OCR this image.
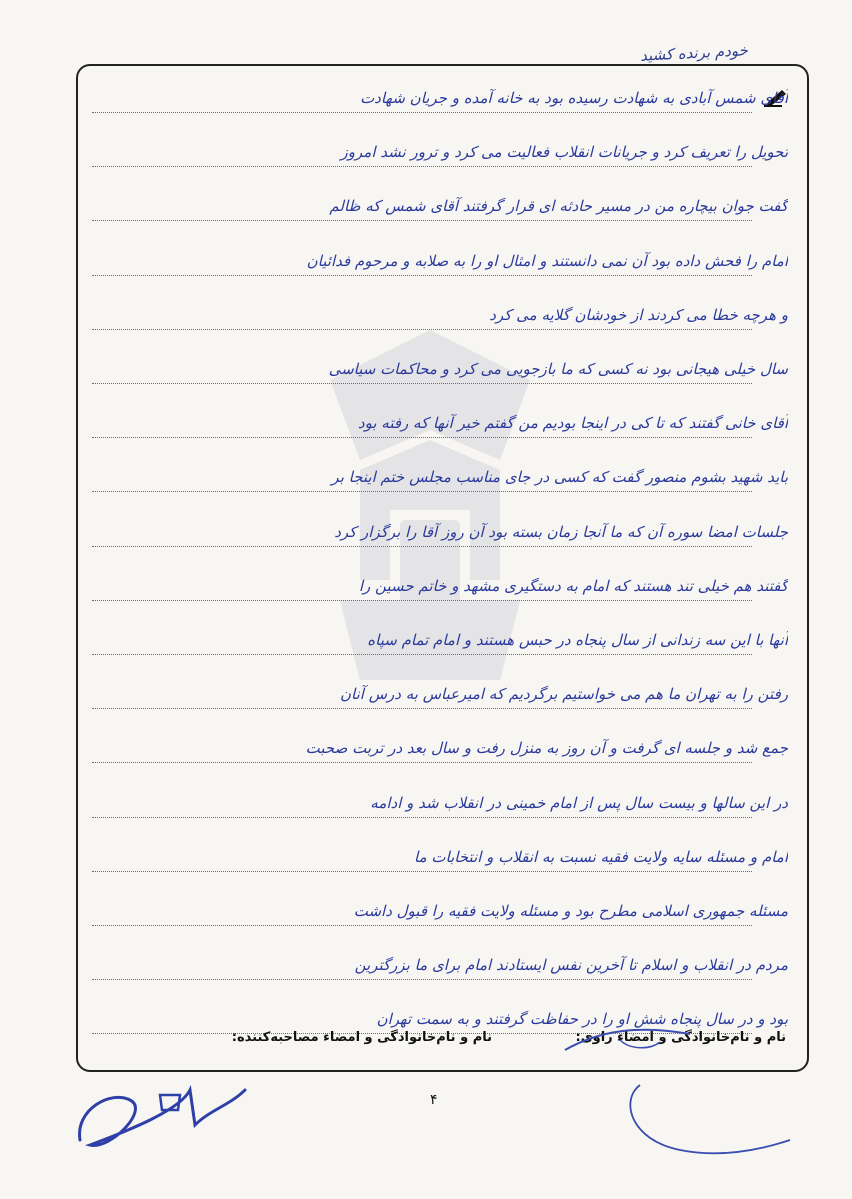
خودم برنده کشید
آقای شمس آبادی به شهادت رسیده بود به خانه آمده و جریان شهادت
تحویل را تعریف کرد و جریانات انقلاب فعالیت می کرد و ترور نشد امروز
گفت جوان بیچاره من در مسیر حادثه ای قرار گرفتند آقای شمس که ظالم
امام را فحش داده بود آن نمی دانستند و امثال او را به صلابه و مرحوم فدائیان
و هرچه خطا می کردند از خودشان گلایه می کرد
سال خیلی هیجانی بود نه کسی که ما بازجویی می کرد و محاکمات سیاسی
آقای خانی گفتند که تا کی در اینجا بودیم من گفتم خیر آنها که رفته بود
باید شهید بشوم منصور گفت که کسی در جای مناسب مجلس ختم اینجا بر
جلسات امضا سوره آن که ما آنجا زمان بسته بود آن روز آقا را برگزار کرد
گفتند هم خیلی تند هستند که امام به دستگیری مشهد و خاتم حسین را
آنها با این سه زندانی از سال پنجاه در حبس هستند و امام تمام سپاه
رفتن را به تهران ما هم می خواستیم برگردیم که امیرعباس به درس آنان
جمع شد و جلسه ای گرفت و آن روز به منزل رفت و سال بعد در تربت صحبت
در این سالها و بیست سال پس از امام خمینی در انقلاب شد و ادامه
امام و مسئله سایه ولایت فقیه نسبت به انقلاب و انتخابات ما
مسئله جمهوری اسلامی مطرح بود و مسئله ولایت فقیه را قبول داشت
مردم در انقلاب و اسلام تا آخرین نفس ایستادند امام برای ما بزرگترین
بود و در سال پنجاه شش او را در حفاظت گرفتند و به سمت تهران
نام و نام‌خانوادگی و امضاء راوی:
نام و نام‌خانوادگی و امضاء مصاحبه‌کننده:
۴
